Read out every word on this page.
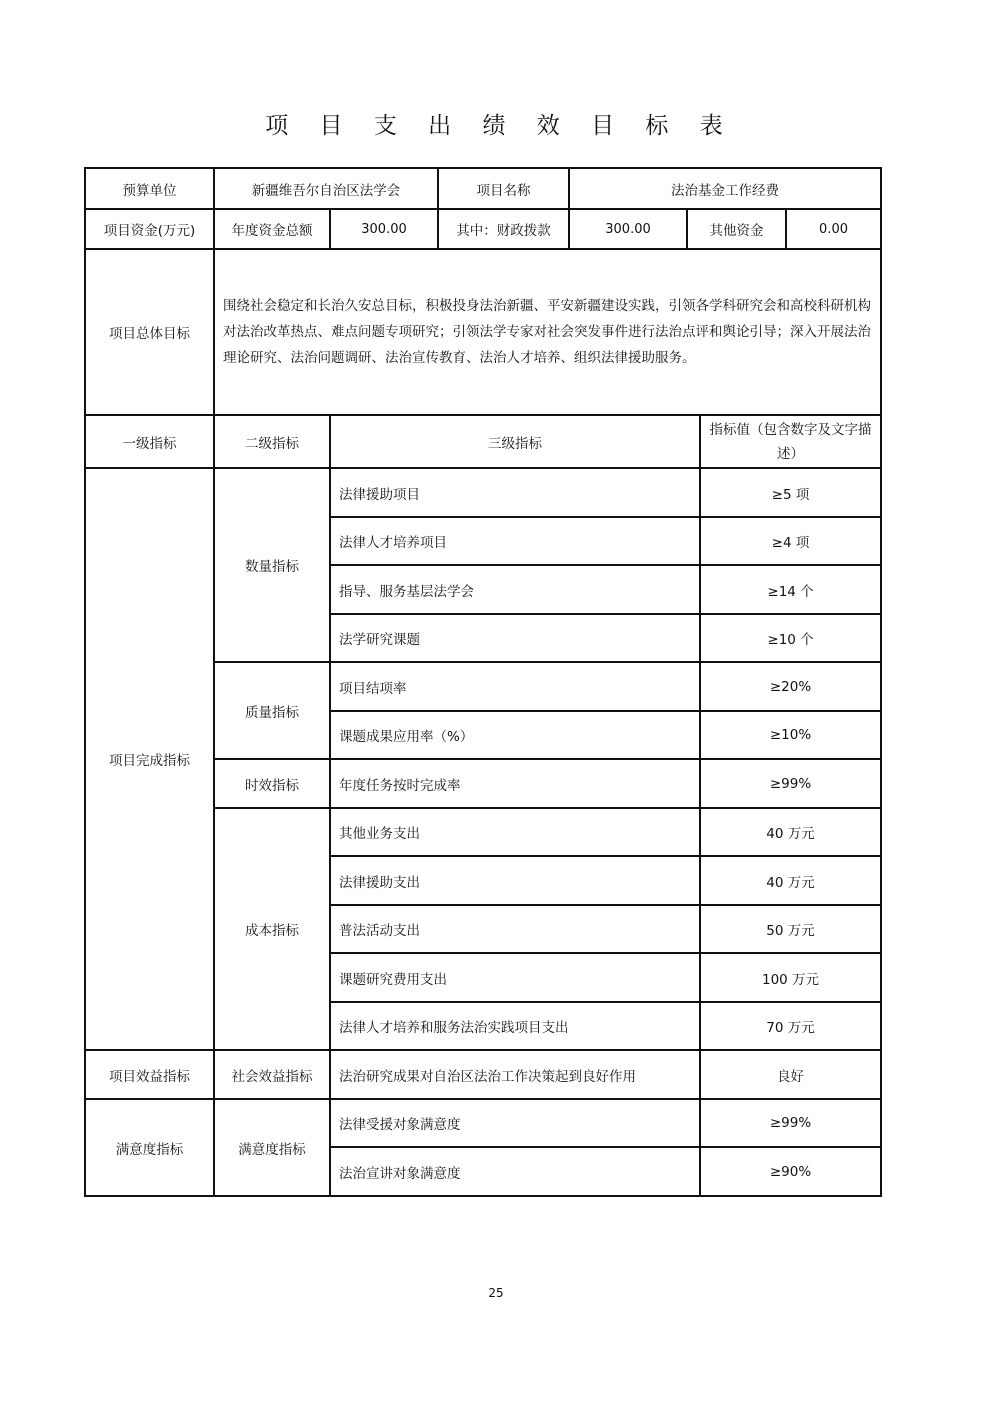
项 目 支 出 绩 效 目 标 表
预算单位	新疆维吾尔自治区法学会		项目名称	法治基金工作经费			
项目资金(万元)	年度资金总额	300.00	其中：财政拨款	300.00	其他资金		0.00
项目总体目标	围绕社会稳定和长治久安总目标，积极投身法治新疆、平安新疆建设实践，引领各学科研究会和高校科研机构对法治改革热点、难点问题专项研究；引领法学专家对社会突发事件进行法治点评和舆论引导；深入开展法治理论研究、法治问题调研、法治宣传教育、法治人才培养、组织法律援助服务。						
一级指标	二级指标	三级指标				指标值（包含数字及文字描述）	
项目完成指标	数量指标	法律援助项目				≥5 项	
		法律人才培养项目				≥4 项	
		指导、服务基层法学会				≥14 个	
		法学研究课题				≥10 个	
	质量指标	项目结项率				≥20%	
		课题成果应用率（%）				≥10%	
	时效指标	年度任务按时完成率				≥99%	
	成本指标	其他业务支出				40 万元	
		法律援助支出				40 万元	
		普法活动支出				50 万元	
		课题研究费用支出				100 万元	
		法律人才培养和服务法治实践项目支出				70 万元	
项目效益指标	社会效益指标	法治研究成果对自治区法治工作决策起到良好作用				良好	
满意度指标	满意度指标	法律受援对象满意度				≥99%	
		法治宣讲对象满意度				≥90%	
25
